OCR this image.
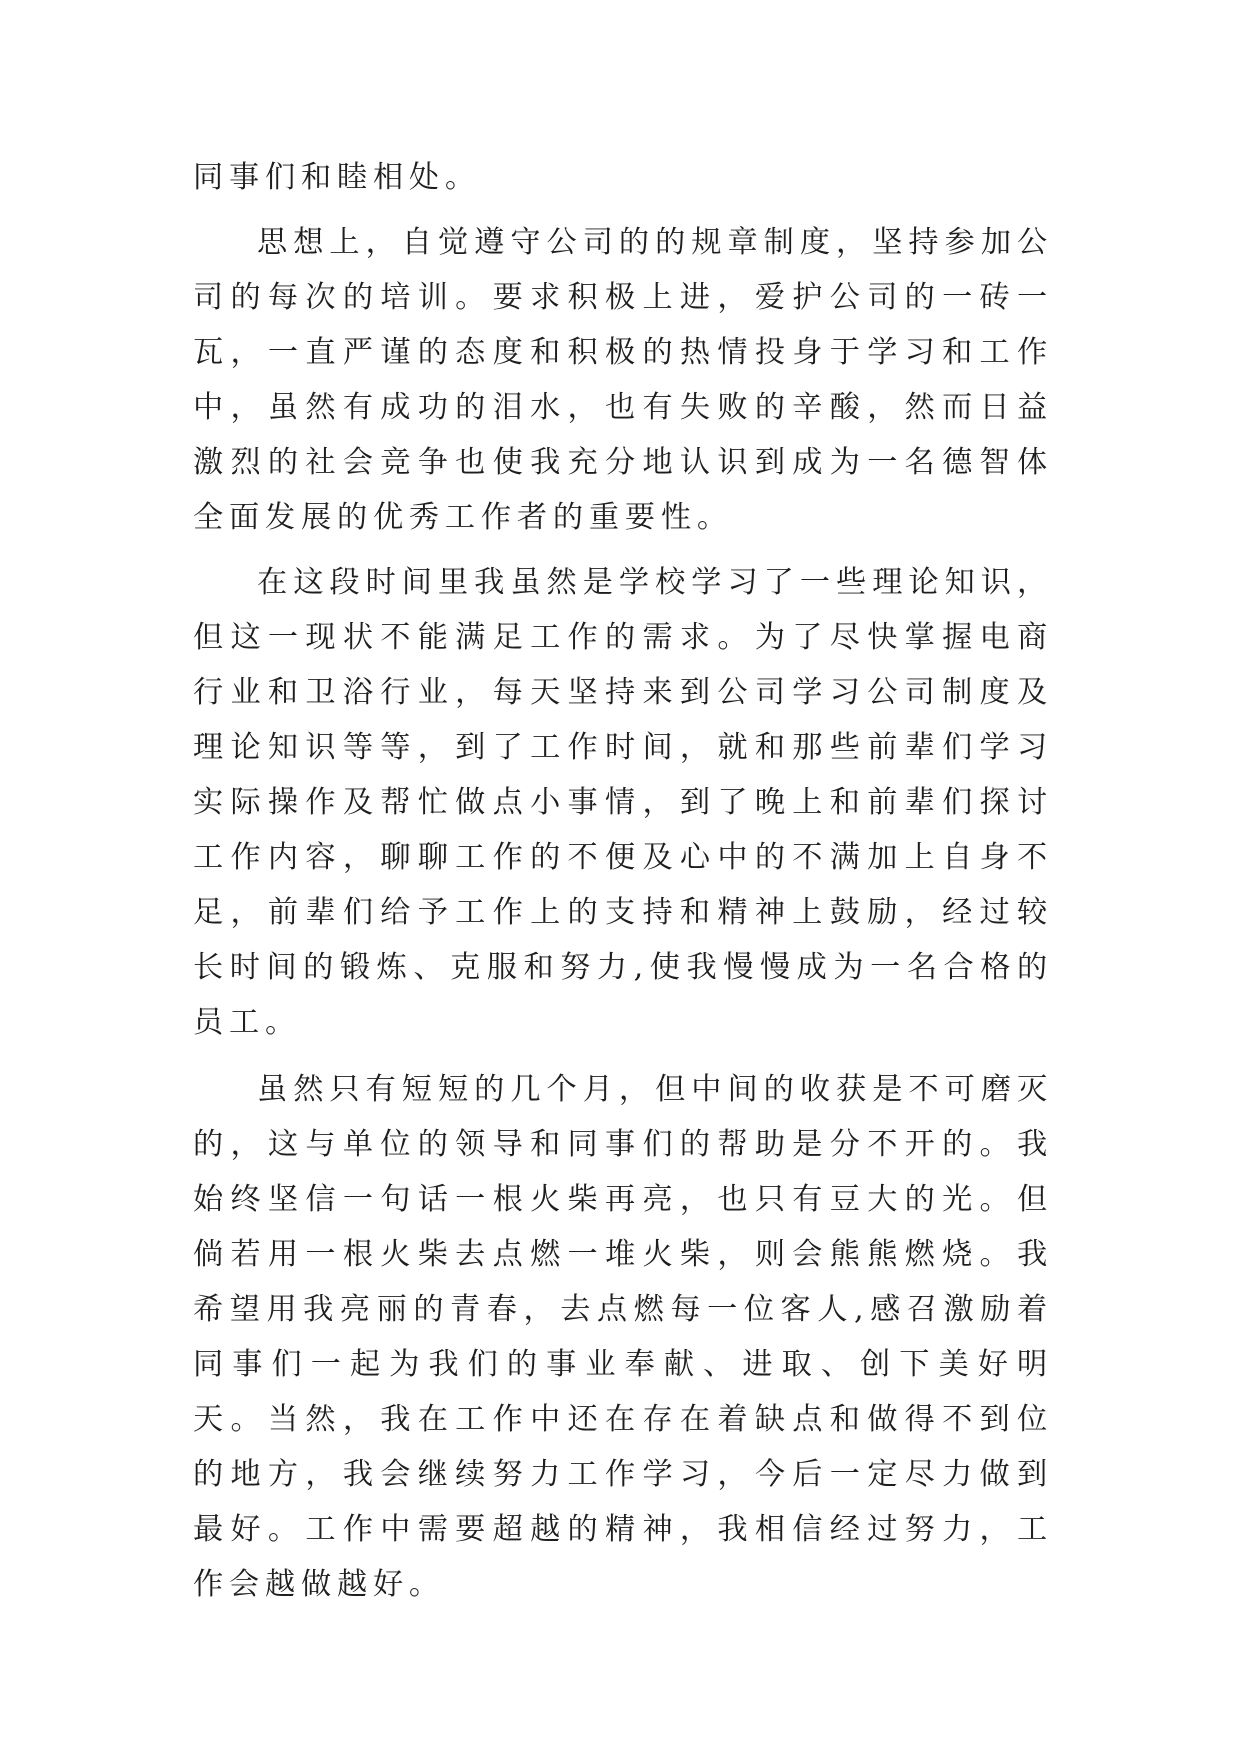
同事们和睦相处。

思想上，自觉遵守公司的的规章制度，坚持参加公司的每次的培训。要求积极上进，爱护公司的一砖一瓦，一直严谨的态度和积极的热情投身于学习和工作中，虽然有成功的泪水，也有失败的辛酸，然而日益激烈的社会竞争也使我充分地认识到成为一名德智体全面发展的优秀工作者的重要性。

在这段时间里我虽然是学校学习了一些理论知识，但这一现状不能满足工作的需求。为了尽快掌握电商行业和卫浴行业，每天坚持来到公司学习公司制度及理论知识等等，到了工作时间，就和那些前辈们学习实际操作及帮忙做点小事情，到了晚上和前辈们探讨工作内容，聊聊工作的不便及心中的不满加上自身不足，前辈们给予工作上的支持和精神上鼓励，经过较长时间的锻炼、克服和努力,使我慢慢成为一名合格的员工。

虽然只有短短的几个月，但中间的收获是不可磨灭的，这与单位的领导和同事们的帮助是分不开的。我始终坚信一句话一根火柴再亮，也只有豆大的光。但倘若用一根火柴去点燃一堆火柴，则会熊熊燃烧。我希望用我亮丽的青春，去点燃每一位客人,感召激励着同事们一起为我们的事业奉献、进取、创下美好明天。当然，我在工作中还在存在着缺点和做得不到位的地方，我会继续努力工作学习，今后一定尽力做到最好。工作中需要超越的精神，我相信经过努力，工作会越做越好。
